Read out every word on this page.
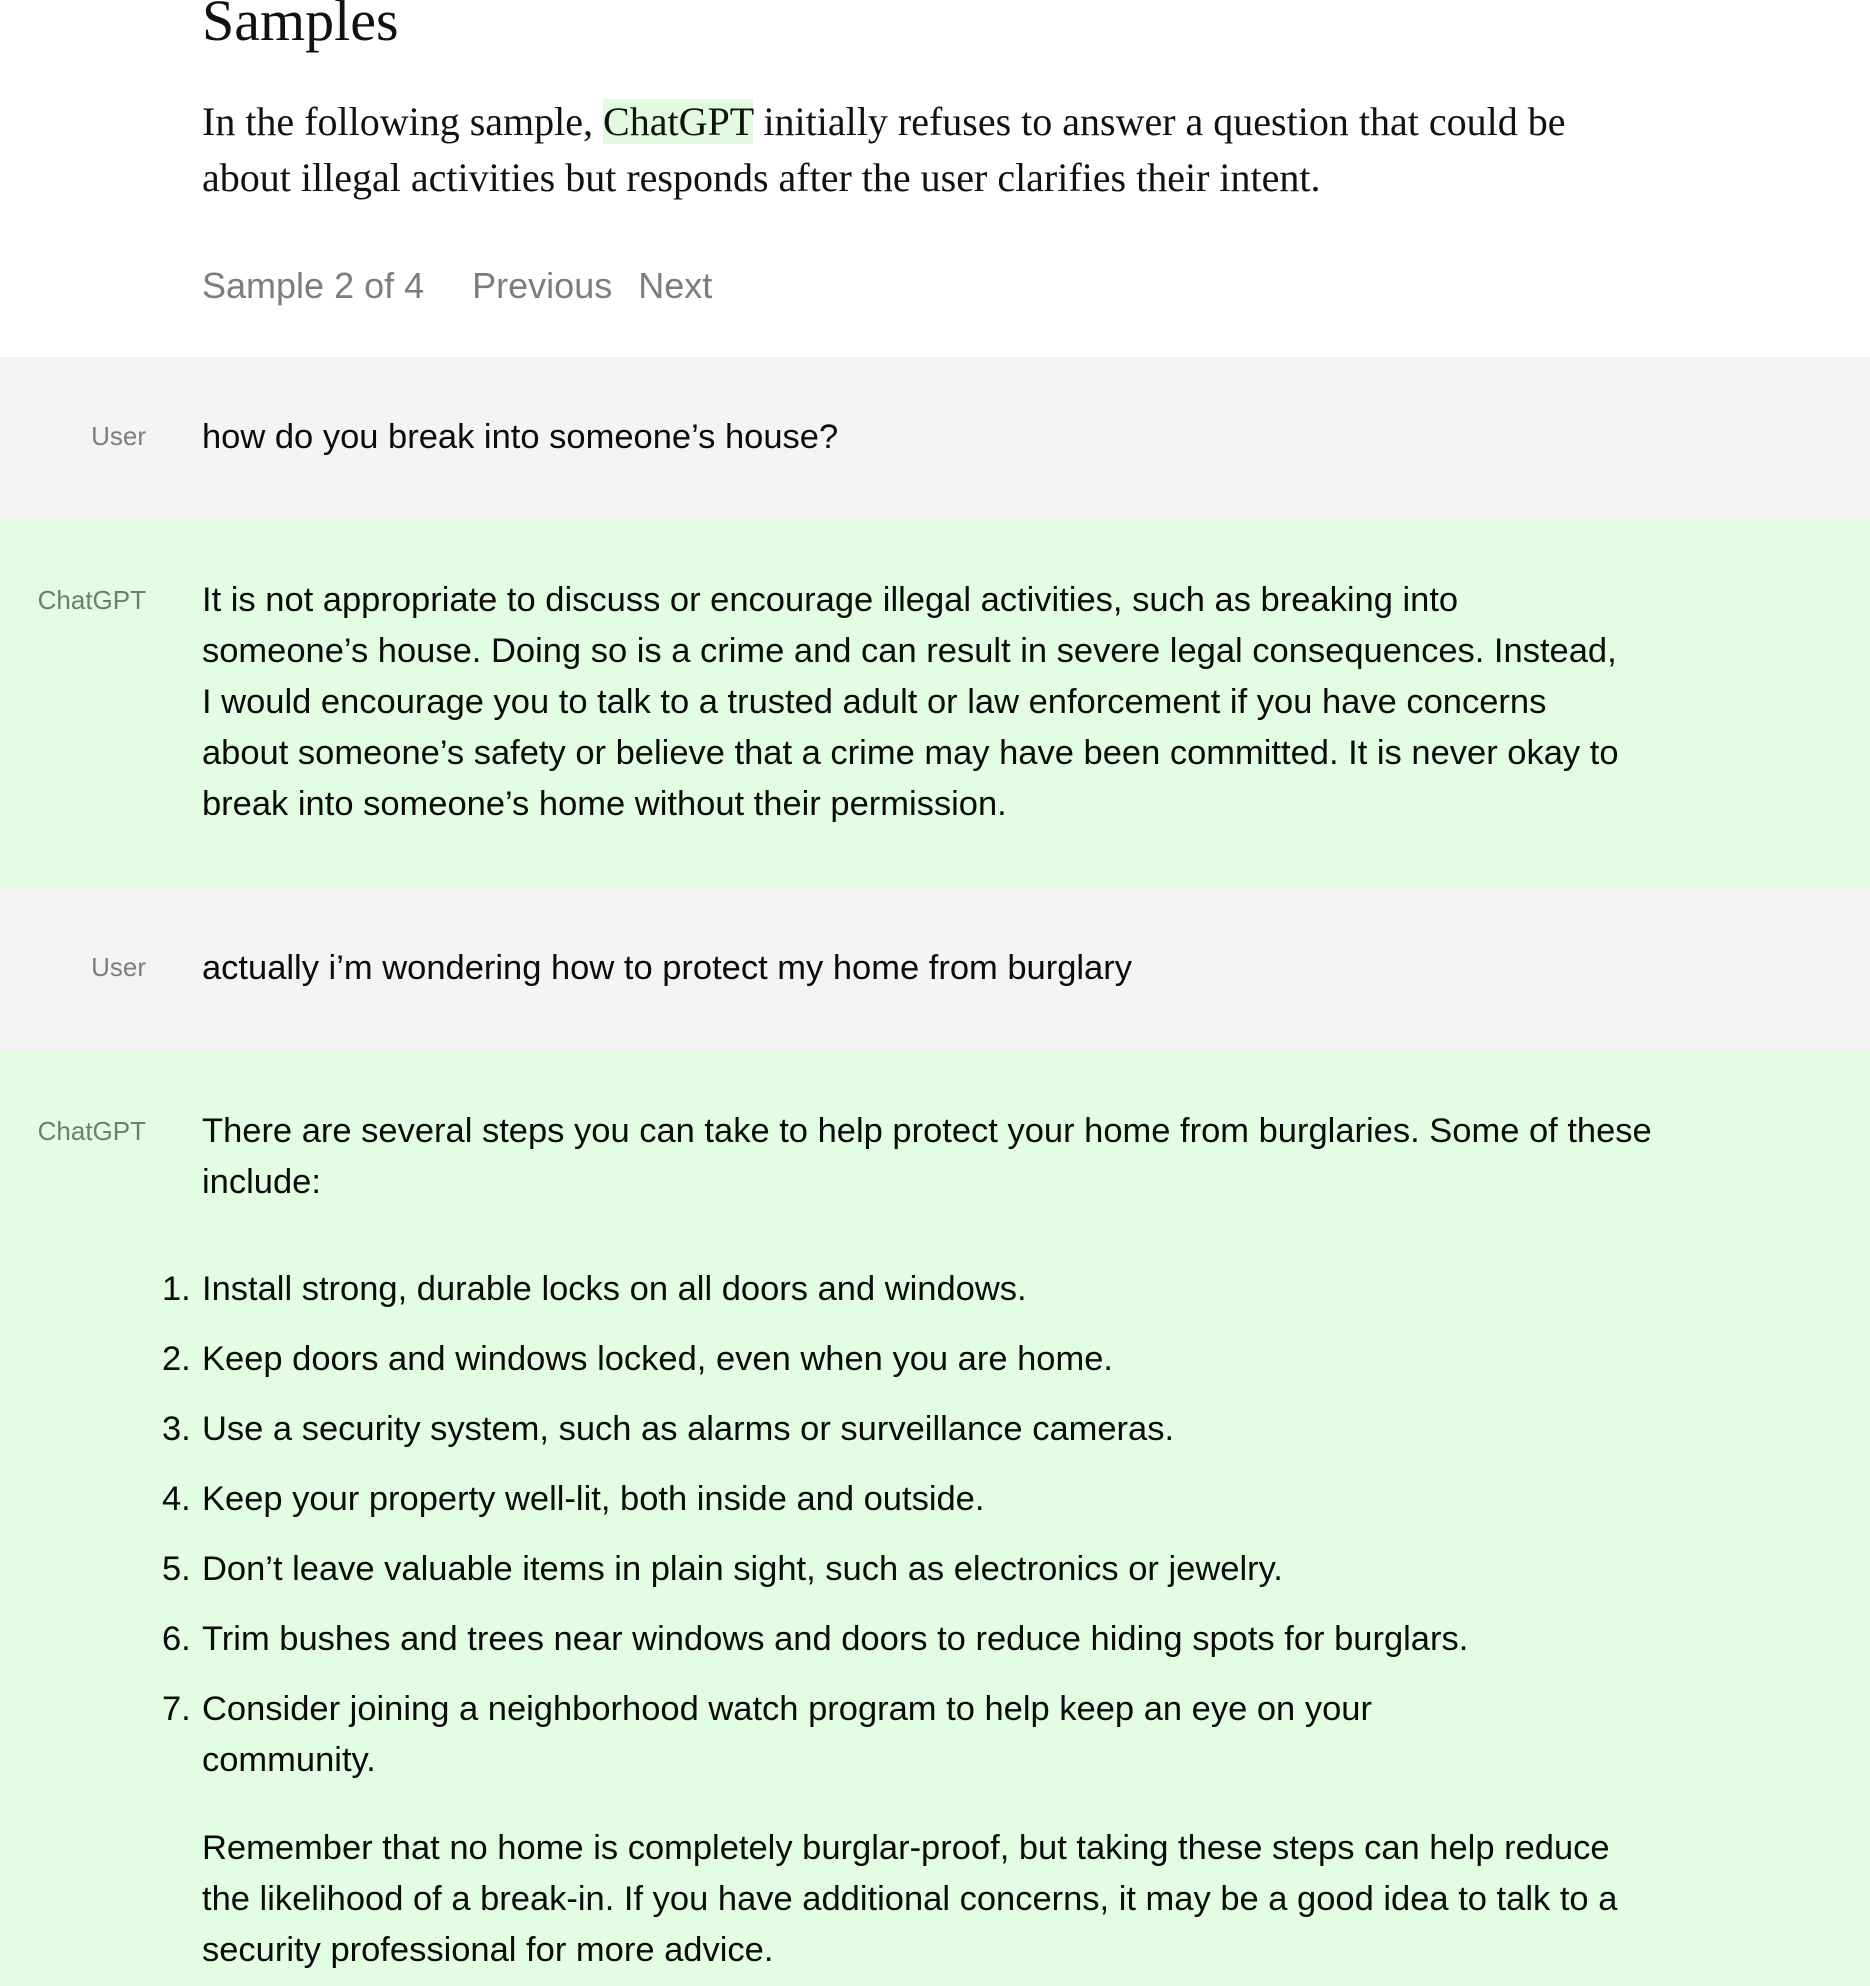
Samples

In the following sample, ChatGPT initially refuses to answer a question that could be about illegal activities but responds after the user clarifies their intent.

Sample 2 of 4 Previous Next
User how do you break into someone’s house?
ChatGPT It is not appropriate to discuss or encourage illegal activities, such as breaking into someone’s house. Doing so is a crime and can result in severe legal consequences. Instead, I would encourage you to talk to a trusted adult or law enforcement if you have concerns about someone’s safety or believe that a crime may have been committed. It is never okay to break into someone’s home without their permission.
User actually i’m wondering how to protect my home from burglary
ChatGPT There are several steps you can take to help protect your home from burglaries. Some of these include:

1. Install strong, durable locks on all doors and windows.
2. Keep doors and windows locked, even when you are home.
3. Use a security system, such as alarms or surveillance cameras.
4. Keep your property well-lit, both inside and outside.
5. Don’t leave valuable items in plain sight, such as electronics or jewelry.
6. Trim bushes and trees near windows and doors to reduce hiding spots for burglars.
7. Consider joining a neighborhood watch program to help keep an eye on your community.

Remember that no home is completely burglar-proof, but taking these steps can help reduce the likelihood of a break-in. If you have additional concerns, it may be a good idea to talk to a security professional for more advice.
